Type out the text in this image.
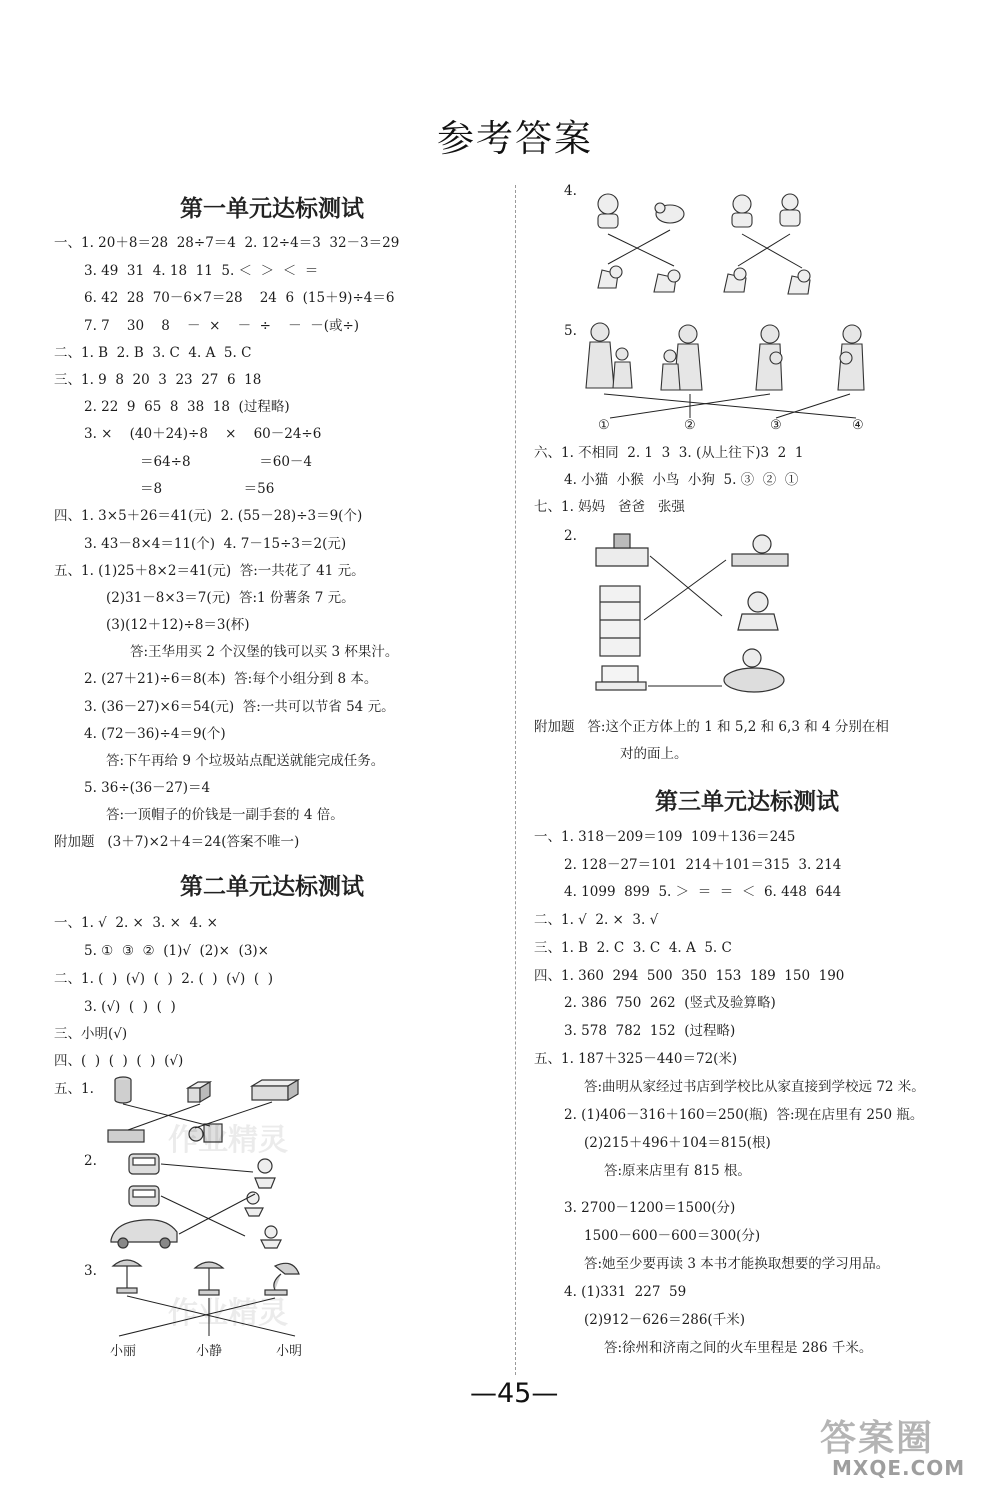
参考答案
第一单元达标测试
一、1. 20＋8＝28  28÷7＝4  2. 12÷4＝3  32－3＝29
3. 49  31  4. 18  11  5. ＜  ＞  ＜  ＝
6. 42  28  70－6×7＝28    24  6  (15＋9)÷4＝6
7. 7    30    8    －  ×    －  ÷    －  －(或÷)
二、1. B  2. B  3. C  4. A  5. C
三、1. 9  8  20  3  23  27  6  18
2. 22  9  65  8  38  18  (过程略)
3. ×    (40＋24)÷8    ×    60－24÷6
＝64÷8                ＝60－4
＝8                   ＝56
四、1. 3×5＋26＝41(元)  2. (55－28)÷3＝9(个)
3. 43－8×4＝11(个)  4. 7－15÷3＝2(元)
五、1. (1)25＋8×2＝41(元)  答:一共花了 41 元。
(2)31－8×3＝7(元)  答:1 份薯条 7 元。
(3)(12＋12)÷8＝3(杯)
答:王华用买 2 个汉堡的钱可以买 3 杯果汁。
2. (27＋21)÷6＝8(本)  答:每个小组分到 8 本。
3. (36－27)×6＝54(元)  答:一共可以节省 54 元。
4. (72－36)÷4＝9(个)
答:下午再给 9 个垃圾站点配送就能完成任务。
5. 36÷(36－27)＝4
答:一顶帽子的价钱是一副手套的 4 倍。
附加题   (3＋7)×2＋4＝24(答案不唯一)
第二单元达标测试
一、1. √  2. ×  3. ×  4. ×
5. ①  ③  ②  (1)√  (2)×  (3)×
二、1. (  )  (√)  (  )  2. (  )  (√)  (  )
3. (√)  (  )  (  )
三、小明(√)
四、(  )  (  )  (  )  (√)
五、1.
2.
3.
小丽	小静	小明
4.
5.
①	②	③	④
六、1. 不相同  2. 1  3  3. (从上往下)3  2  1
4. 小猫  小猴  小鸟  小狗  5. ③  ②  ①
七、1. 妈妈   爸爸   张强
2.
附加题   答:这个正方体上的 1 和 5,2 和 6,3 和 4 分别在相
对的面上。
第三单元达标测试
一、1. 318－209＝109  109＋136＝245
2. 128－27＝101  214＋101＝315  3. 214
4. 1099  899  5. ＞  ＝  ＝  ＜  6. 448  644
二、1. √  2. ×  3. √
三、1. B  2. C  3. C  4. A  5. C
四、1. 360  294  500  350  153  189  150  190
2. 386  750  262  (竖式及验算略)
3. 578  782  152  (过程略)
五、1. 187＋325－440＝72(米)
答:曲明从家经过书店到学校比从家直接到学校远 72 米。
2. (1)406－316＋160＝250(瓶)  答:现在店里有 250 瓶。
(2)215＋496＋104＝815(根)
答:原来店里有 815 根。
3. 2700－1200＝1500(分)
1500－600－600＝300(分)
答:她至少要再读 3 本书才能换取想要的学习用品。
4. (1)331  227  59
(2)912－626＝286(千米)
答:徐州和济南之间的火车里程是 286 千米。
作业精灵
作业精灵
—45—
答案圈
MXQE.COM
